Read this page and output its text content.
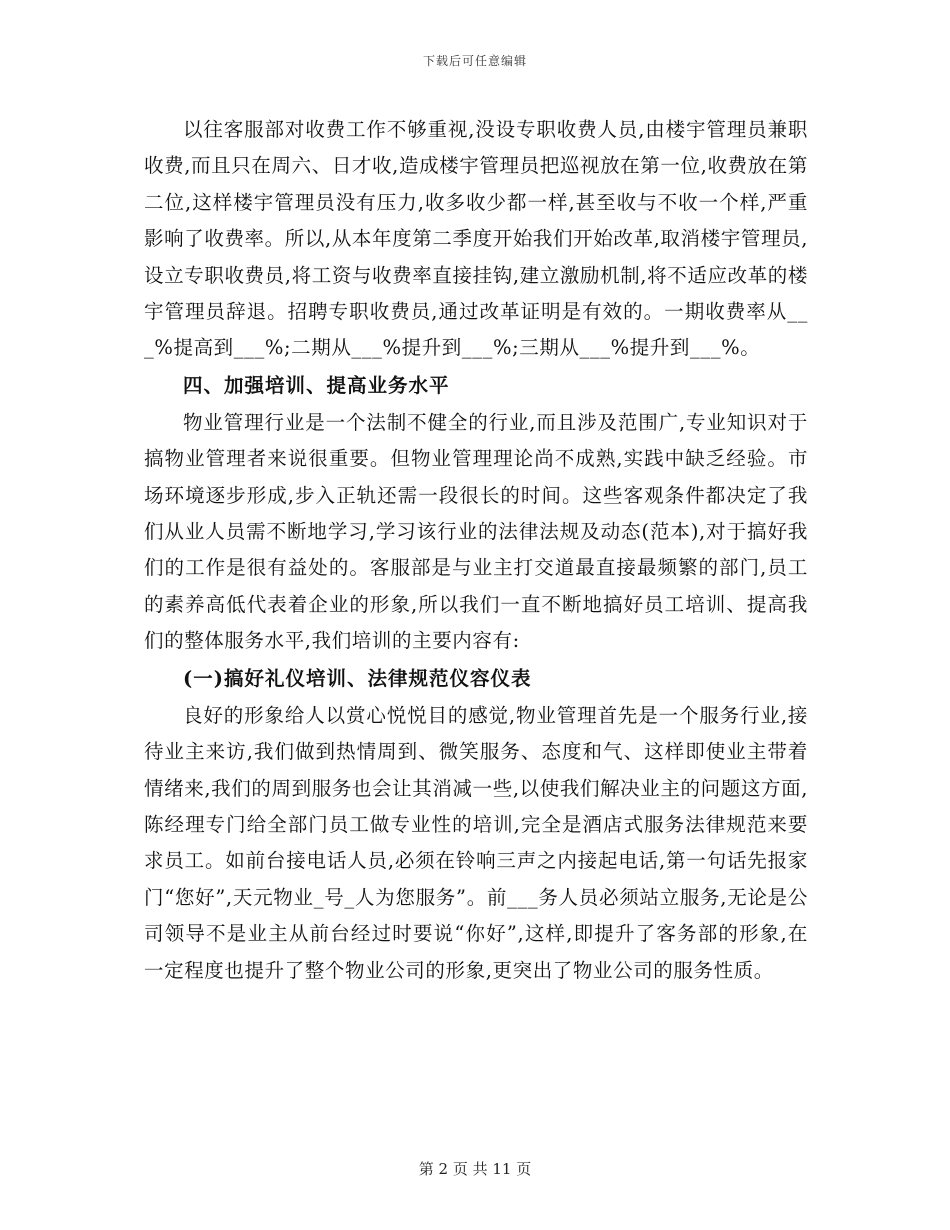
下载后可任意编辑

以往客服部对收费工作不够重视,没设专职收费人员,由楼宇管理员兼职收费,而且只在周六、日才收,造成楼宇管理员把巡视放在第一位,收费放在第二位,这样楼宇管理员没有压力,收多收少都一样,甚至收与不收一个样,严重影响了收费率。所以,从本年度第二季度开始我们开始改革,取消楼宇管理员,设立专职收费员,将工资与收费率直接挂钩,建立激励机制,将不适应改革的楼宇管理员辞退。招聘专职收费员,通过改革证明是有效的。一期收费率从___%提高到___%;二期从___%提升到___%;三期从___%提升到___%。

四、加强培训、提高业务水平

物业管理行业是一个法制不健全的行业,而且涉及范围广,专业知识对于搞物业管理者来说很重要。但物业管理理论尚不成熟,实践中缺乏经验。市场环境逐步形成,步入正轨还需一段很长的时间。这些客观条件都决定了我们从业人员需不断地学习,学习该行业的法律法规及动态(范本),对于搞好我们的工作是很有益处的。客服部是与业主打交道最直接最频繁的部门,员工的素养高低代表着企业的形象,所以我们一直不断地搞好员工培训、提高我们的整体服务水平,我们培训的主要内容有:

(一)搞好礼仪培训、法律规范仪容仪表

良好的形象给人以赏心悦悦目的感觉,物业管理首先是一个服务行业,接待业主来访,我们做到热情周到、微笑服务、态度和气、这样即使业主带着情绪来,我们的周到服务也会让其消减一些,以使我们解决业主的问题这方面,陈经理专门给全部门员工做专业性的培训,完全是酒店式服务法律规范来要求员工。如前台接电话人员,必须在铃响三声之内接起电话,第一句话先报家门“您好”,天元物业_号_人为您服务”。前___务人员必须站立服务,无论是公司领导不是业主从前台经过时要说“你好”,这样,即提升了客务部的形象,在一定程度也提升了整个物业公司的形象,更突出了物业公司的服务性质。

第 2 页 共 11 页
